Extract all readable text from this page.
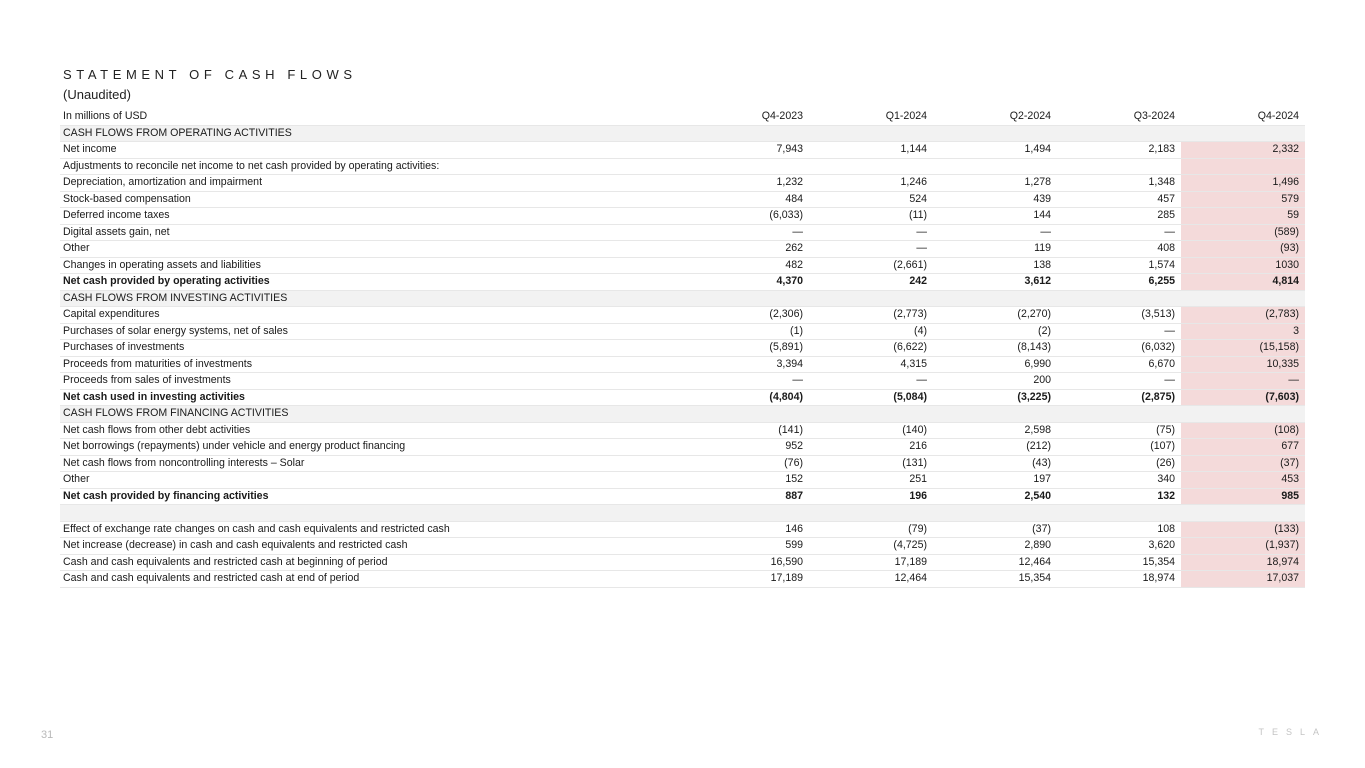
STATEMENT OF CASH FLOWS
(Unaudited)
In millions of USD	Q4-2023	Q1-2024	Q2-2024	Q3-2024	Q4-2024
CASH FLOWS FROM OPERATING ACTIVITIES					
Net income	7,943	1,144	1,494	2,183	2,332
Adjustments to reconcile net income to net cash provided by operating activities:					
Depreciation, amortization and impairment	1,232	1,246	1,278	1,348	1,496
Stock-based compensation	484	524	439	457	579
Deferred income taxes	(6,033)	(11)	144	285	59
Digital assets gain, net	—	—	—	—	(589)
Other	262	—	119	408	(93)
Changes in operating assets and liabilities	482	(2,661)	138	1,574	1030
Net cash provided by operating activities	4,370	242	3,612	6,255	4,814
CASH FLOWS FROM INVESTING ACTIVITIES					
Capital expenditures	(2,306)	(2,773)	(2,270)	(3,513)	(2,783)
Purchases of solar energy systems, net of sales	(1)	(4)	(2)	—	3
Purchases of investments	(5,891)	(6,622)	(8,143)	(6,032)	(15,158)
Proceeds from maturities of investments	3,394	4,315	6,990	6,670	10,335
Proceeds from sales of investments	—	—	200	—	—
Net cash used in investing activities	(4,804)	(5,084)	(3,225)	(2,875)	(7,603)
CASH FLOWS FROM FINANCING ACTIVITIES					
Net cash flows from other debt activities	(141)	(140)	2,598	(75)	(108)
Net borrowings (repayments) under vehicle and energy product financing	952	216	(212)	(107)	677
Net cash flows from noncontrolling interests – Solar	(76)	(131)	(43)	(26)	(37)
Other	152	251	197	340	453
Net cash provided by financing activities	887	196	2,540	132	985

Effect of exchange rate changes on cash and cash equivalents and restricted cash	146	(79)	(37)	108	(133)
Net increase (decrease) in cash and cash equivalents and restricted cash	599	(4,725)	2,890	3,620	(1,937)
Cash and cash equivalents and restricted cash at beginning of period	16,590	17,189	12,464	15,354	18,974
Cash and cash equivalents and restricted cash at end of period	17,189	12,464	15,354	18,974	17,037
31	TESLA
